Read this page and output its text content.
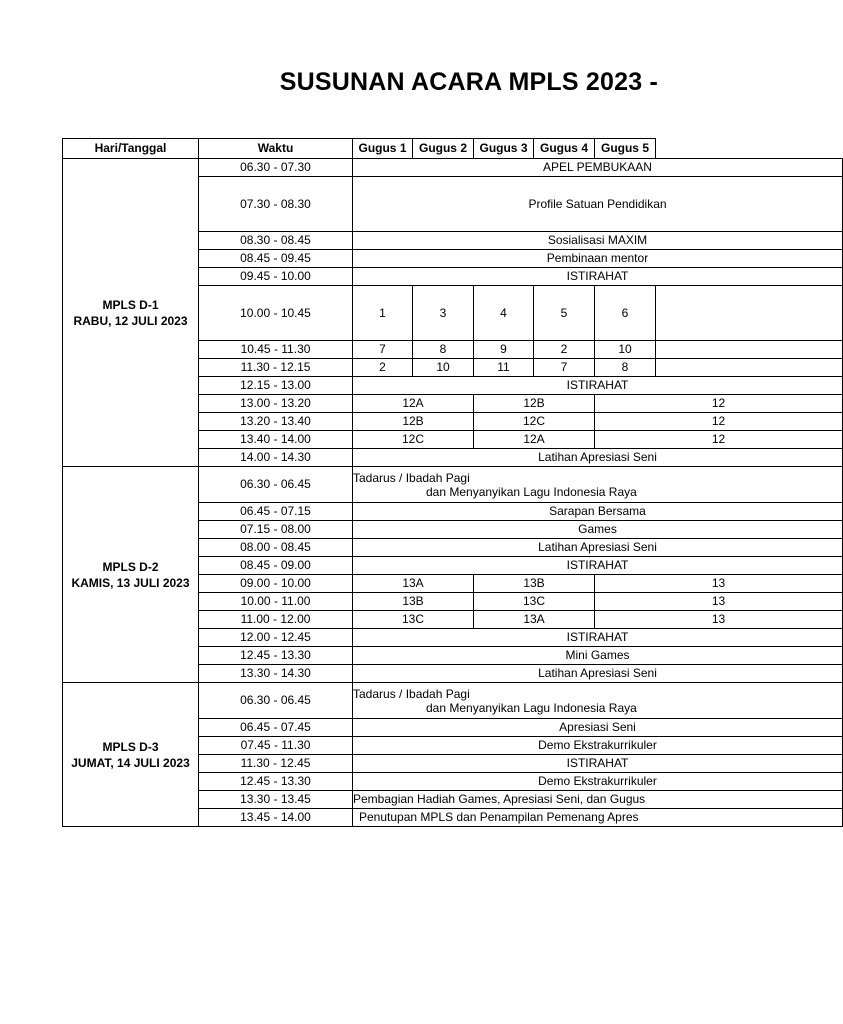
SUSUNAN ACARA MPLS 2023 -
Hari/Tanggal	Waktu	Gugus 1	Gugus 2	Gugus 3	Gugus 4	Gugus 5	

MPLS D-1
RABU, 12 JULI 2023	06.30 - 07.30	APEL PEMBUKAAN					
	07.30 - 08.30	Profile Satuan Pendidikan					
	08.30 - 08.45	Sosialisasi MAXIM					
	08.45 - 09.45	Pembinaan mentor					
	09.45 - 10.00	ISTIRAHAT					
	10.00 - 10.45	1	3	4	5	6	
	10.45 - 11.30	7	8	9	2	10	
	11.30 - 12.15	2	10	11	7	8	
	12.15 - 13.00	ISTIRAHAT					
	13.00 - 13.20	12A		12B		12	
	13.20 - 13.40	12B		12C		12	
	13.40 - 14.00	12C		12A		12	
	14.00 - 14.30	Latihan Apresiasi Seni					

MPLS D-2
KAMIS, 13 JULI 2023	06.30 - 06.45	Tadarus / Ibadah Pagi
dan Menyanyikan Lagu Indonesia Raya					

	06.45 - 07.15	Sarapan Bersama					
	07.15 - 08.00	Games					
	08.00 - 08.45	Latihan Apresiasi Seni					
	08.45 - 09.00	ISTIRAHAT					
	09.00 - 10.00	13A		13B		13	
	10.00 - 11.00	13B		13C		13	
	11.00 - 12.00	13C		13A		13	
	12.00 - 12.45	ISTIRAHAT					
	12.45 - 13.30	Mini Games					
	13.30 - 14.30	Latihan Apresiasi Seni					

MPLS D-3
JUMAT, 14 JULI 2023	06.30 - 06.45	Tadarus / Ibadah Pagi
dan Menyanyikan Lagu Indonesia Raya					

	06.45 - 07.45	Apresiasi Seni					
	07.45 - 11.30	Demo Ekstrakurrikuler					
	11.30 - 12.45	ISTIRAHAT					
	12.45 - 13.30	Demo Ekstrakurrikuler					
	13.30 - 13.45	Pembagian Hadiah Games, Apresiasi Seni, dan Gugus					
	13.45 - 14.00	Penutupan MPLS dan Penampilan Pemenang Apres					
